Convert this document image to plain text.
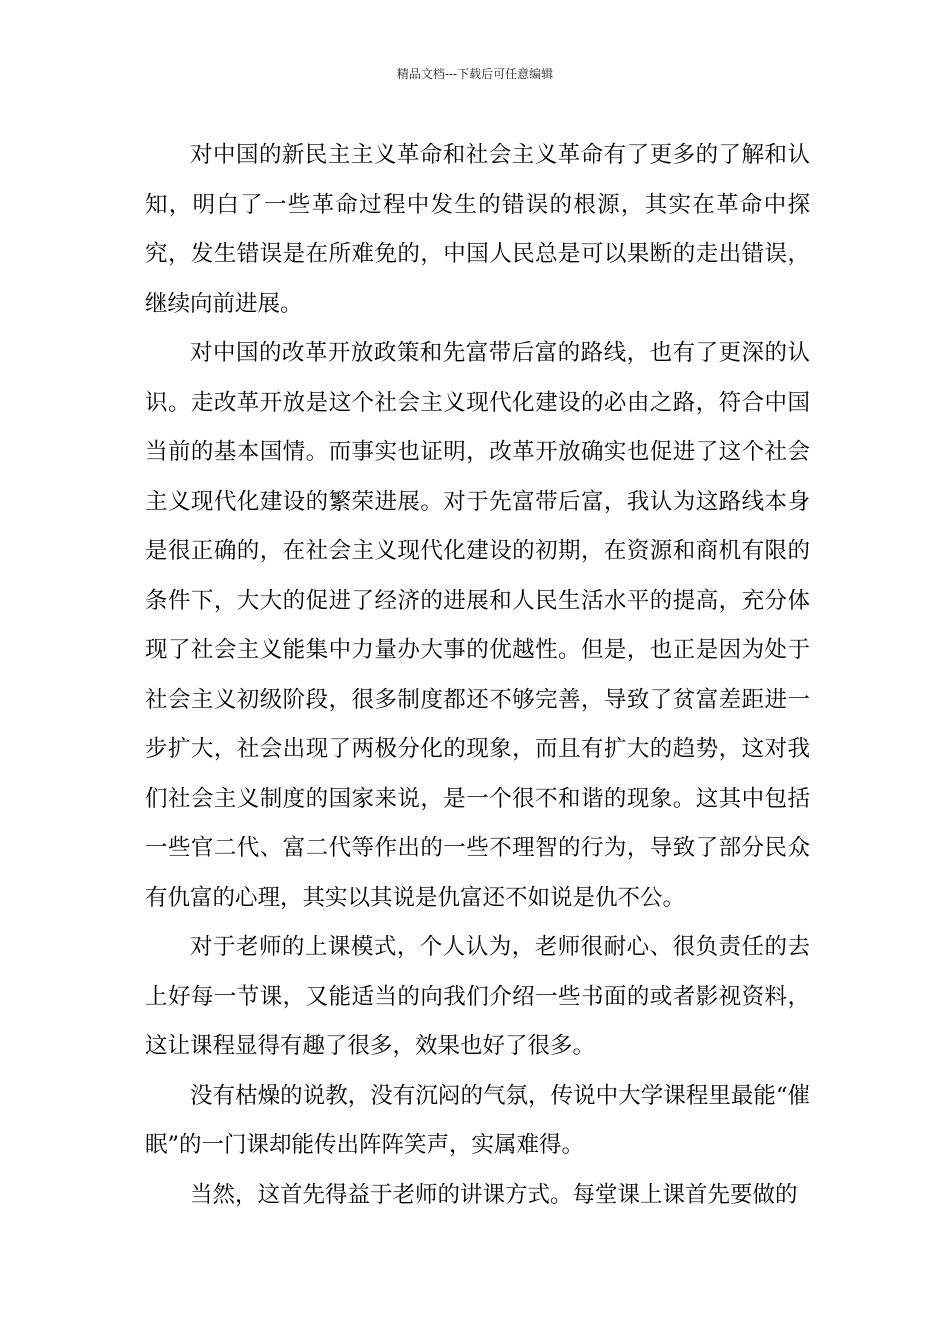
精品文档---下载后可任意编辑

对中国的新民主主义革命和社会主义革命有了更多的了解和认知，明白了一些革命过程中发生的错误的根源，其实在革命中探究，发生错误是在所难免的，中国人民总是可以果断的走出错误，继续向前进展。

对中国的改革开放政策和先富带后富的路线，也有了更深的认识。走改革开放是这个社会主义现代化建设的必由之路，符合中国当前的基本国情。而事实也证明，改革开放确实也促进了这个社会主义现代化建设的繁荣进展。对于先富带后富，我认为这路线本身是很正确的，在社会主义现代化建设的初期，在资源和商机有限的条件下，大大的促进了经济的进展和人民生活水平的提高，充分体现了社会主义能集中力量办大事的优越性。但是，也正是因为处于社会主义初级阶段，很多制度都还不够完善，导致了贫富差距进一步扩大，社会出现了两极分化的现象，而且有扩大的趋势，这对我们社会主义制度的国家来说，是一个很不和谐的现象。这其中包括一些官二代、富二代等作出的一些不理智的行为，导致了部分民众有仇富的心理，其实以其说是仇富还不如说是仇不公。

对于老师的上课模式，个人认为，老师很耐心、很负责任的去上好每一节课，又能适当的向我们介绍一些书面的或者影视资料，这让课程显得有趣了很多，效果也好了很多。

没有枯燥的说教，没有沉闷的气氛，传说中大学课程里最能“催眠”的一门课却能传出阵阵笑声，实属难得。

当然，这首先得益于老师的讲课方式。每堂课上课首先要做的
